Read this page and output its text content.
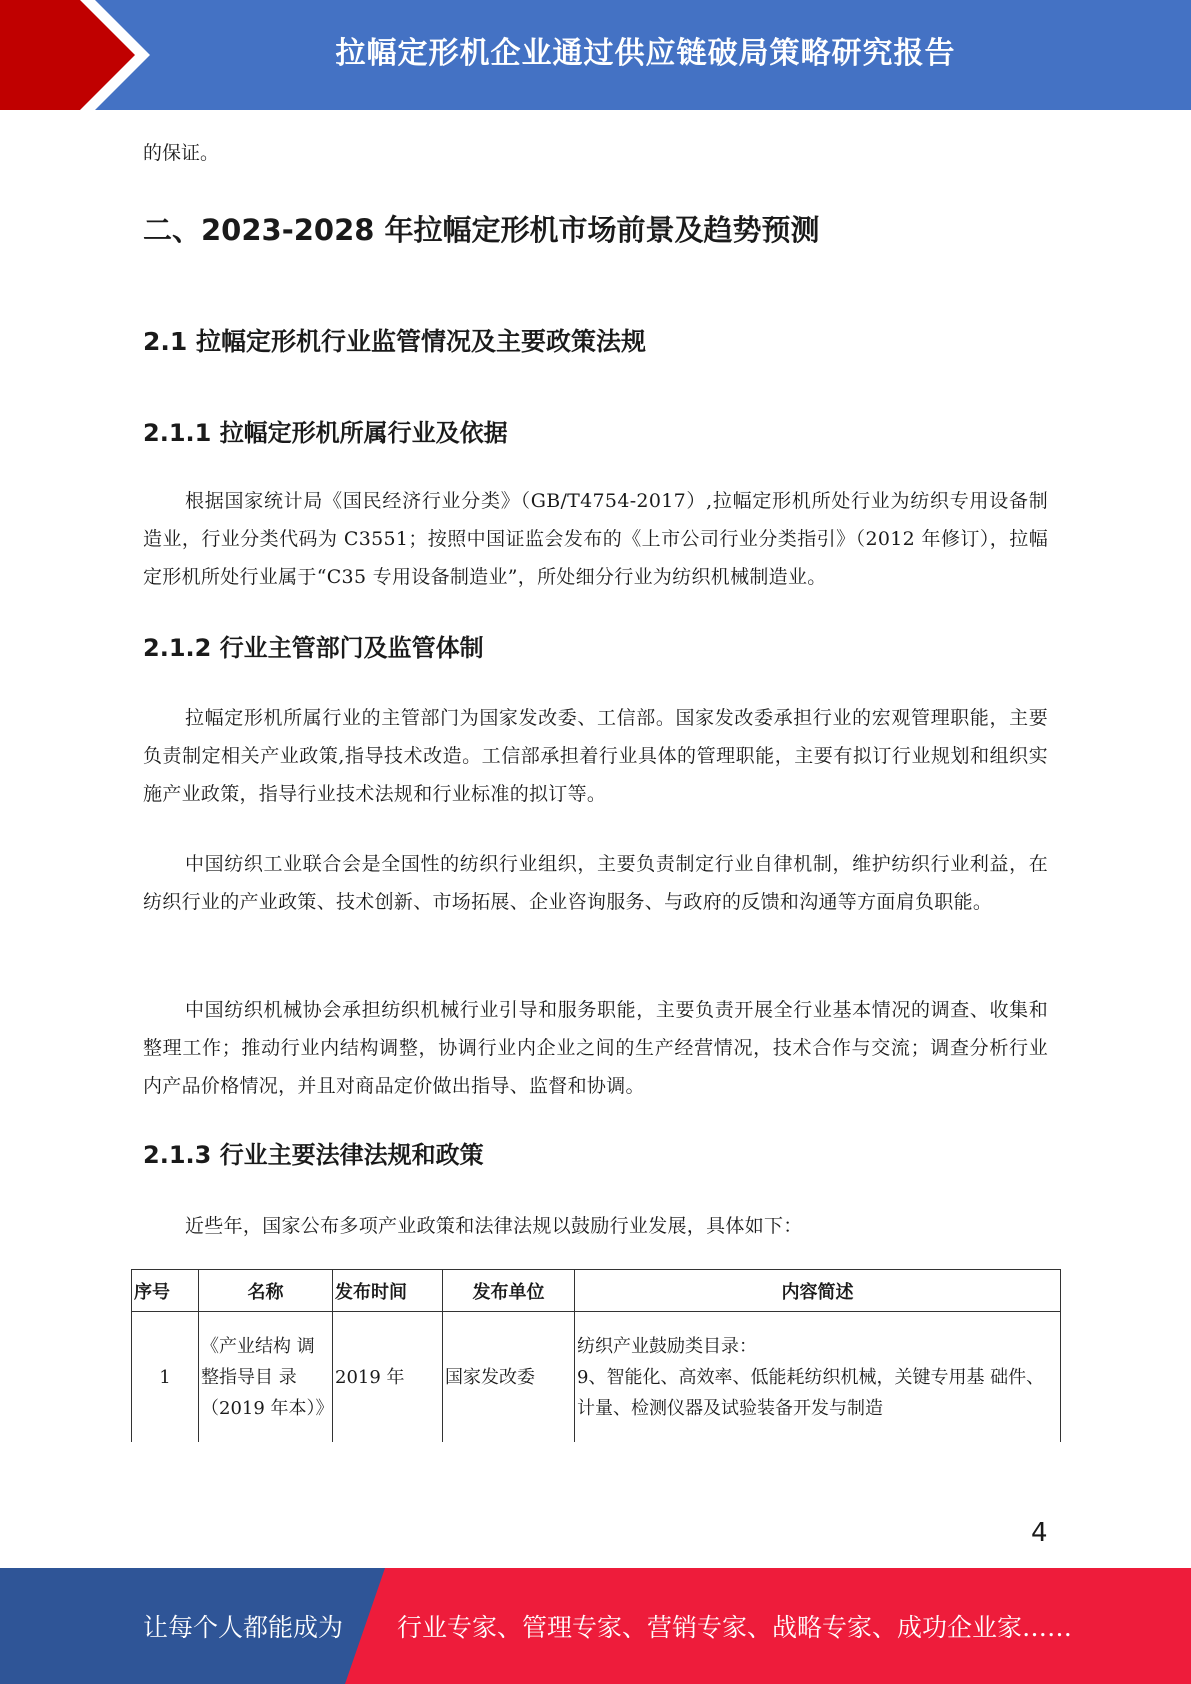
拉幅定形机企业通过供应链破局策略研究报告
的保证。
二、2023-2028 年拉幅定形机市场前景及趋势预测
2.1 拉幅定形机行业监管情况及主要政策法规
2.1.1 拉幅定形机所属行业及依据

根据国家统计局《国民经济行业分类》（GB/T4754-2017）,拉幅定形机所处行业为纺织专用设备制造业，行业分类代码为 C3551；按照中国证监会发布的《上市公司行业分类指引》（2012 年修订），拉幅定形机所处行业属于“C35 专用设备制造业”，所处细分行业为纺织机械制造业。

2.1.2 行业主管部门及监管体制

拉幅定形机所属行业的主管部门为国家发改委、工信部。国家发改委承担行业的宏观管理职能，主要负责制定相关产业政策,指导技术改造。工信部承担着行业具体的管理职能，主要有拟订行业规划和组织实施产业政策，指导行业技术法规和行业标准的拟订等。

中国纺织工业联合会是全国性的纺织行业组织，主要负责制定行业自律机制，维护纺织行业利益，在纺织行业的产业政策、技术创新、市场拓展、企业咨询服务、与政府的反馈和沟通等方面肩负职能。

中国纺织机械协会承担纺织机械行业引导和服务职能，主要负责开展全行业基本情况的调查、收集和整理工作；推动行业内结构调整，协调行业内企业之间的生产经营情况，技术合作与交流；调查分析行业内产品价格情况，并且对商品定价做出指导、监督和协调。

2.1.3 行业主要法律法规和政策

近些年，国家公布多项产业政策和法律法规以鼓励行业发展，具体如下：

序号	名称	发布时间	发布单位	内容简述
1	《产业结构 调整指导目 录（2019 年本）》	2019 年	国家发改委	纺织产业鼓励类目录：
9、智能化、高效率、低能耗纺织机械，关键专用基 础件、计量、检测仪器及试验装备开发与制造
4
让每个人都能成为 行业专家、管理专家、营销专家、战略专家、成功企业家……
